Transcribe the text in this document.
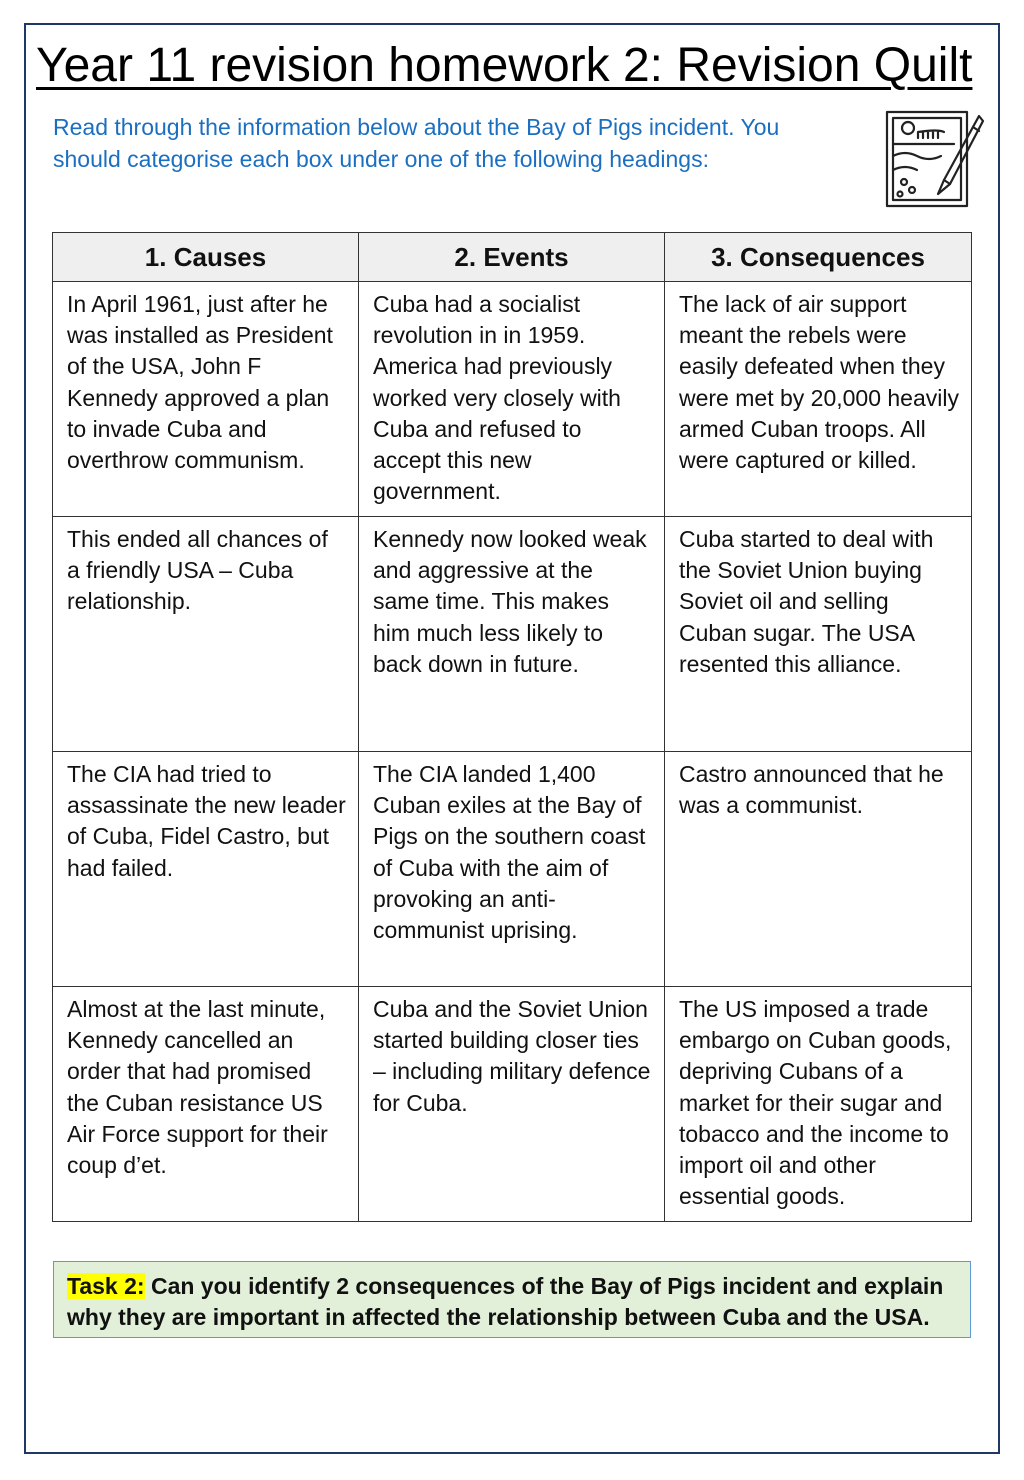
Year 11 revision homework 2: Revision Quilt
Read through the information below about the Bay of Pigs incident. You should categorise each box under one of the following headings:
1. Causes	2. Events	3. Consequences
In April 1961, just after he was installed as President of the USA, John F Kennedy approved a plan to invade Cuba and overthrow communism.	Cuba had a socialist revolution in in 1959. America had previously worked very closely with Cuba and refused to accept this new government.	The lack of air support meant the rebels were easily defeated when they were met by 20,000 heavily armed Cuban troops. All were captured or killed.
This ended all chances of a friendly USA – Cuba relationship.	Kennedy now looked weak and aggressive at the same time. This makes him much less likely to back down in future.	Cuba started to deal with the Soviet Union buying Soviet oil and selling Cuban sugar. The USA resented this alliance.
The CIA had tried to assassinate the new leader of Cuba, Fidel Castro, but had failed.	The CIA landed 1,400 Cuban exiles at the Bay of Pigs on the southern coast of Cuba with the aim of provoking an anti-communist uprising.	Castro announced that he was a communist.
Almost at the last minute, Kennedy cancelled an order that had promised the Cuban resistance US Air Force support for their coup d’et.	Cuba and the Soviet Union started building closer ties – including military defence for Cuba.	The US imposed a trade embargo on Cuban goods, depriving Cubans of a market for their sugar and tobacco and the income to import oil and other essential goods.
Task 2: Can you identify 2 consequences of the Bay of Pigs incident and explain why they are important in affected the relationship between Cuba and the USA.
